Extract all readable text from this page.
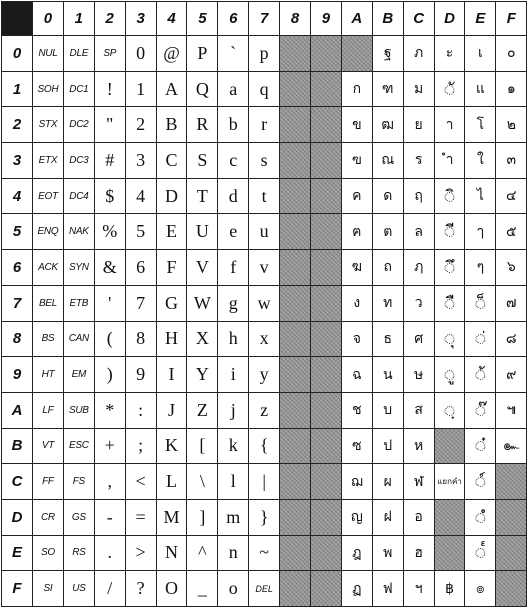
	0	1	2	3	4	5	6	7	8	9	A	B	C	D	E	F
0	NUL	DLE	SP	0	@	P	`	p				ฐ	ภ	ะ	เ	๐
1	SOH	DC1	!	1	A	Q	a	q			ก	ฑ	ม	◌ั	แ	๑
2	STX	DC2	"	2	B	R	b	r			ข	ฒ	ย	า	โ	๒
3	ETX	DC3	#	3	C	S	c	s			ฃ	ณ	ร	ำ	ใ	๓
4	EOT	DC4	$	4	D	T	d	t			ค	ด	ฤ	◌ิ	ไ	๔
5	ENQ	NAK	%	5	E	U	e	u			ฅ	ต	ล	◌ี	ๅ	๕
6	ACK	SYN	&	6	F	V	f	v			ฆ	ถ	ฦ	◌ึ	ๆ	๖
7	BEL	ETB	'	7	G	W	g	w			ง	ท	ว	◌ื	◌็	๗
8	BS	CAN	(	8	H	X	h	x			จ	ธ	ศ	◌ุ	◌่	๘
9	HT	EM	)	9	I	Y	i	y			ฉ	น	ษ	◌ู	◌้	๙
A	LF	SUB	*	:	J	Z	j	z			ช	บ	ส	◌ฺ	◌๊	๚
B	VT	ESC	+	;	K	[	k	{			ซ	ป	ห		◌๋	๛
C	FF	FS	,	<	L	\	l	|			ฌ	ผ	ฬ	แยกคำ	◌์	
D	CR	GS	-	=	M	]	m	}			ญ	ฝ	อ		◌ํ	
E	SO	RS	.	>	N	^	n	~			ฎ	พ	ฮ		◌๎	
F	SI	US	/	?	O	_	o	DEL			ฏ	ฟ	ฯ	฿	๏	
